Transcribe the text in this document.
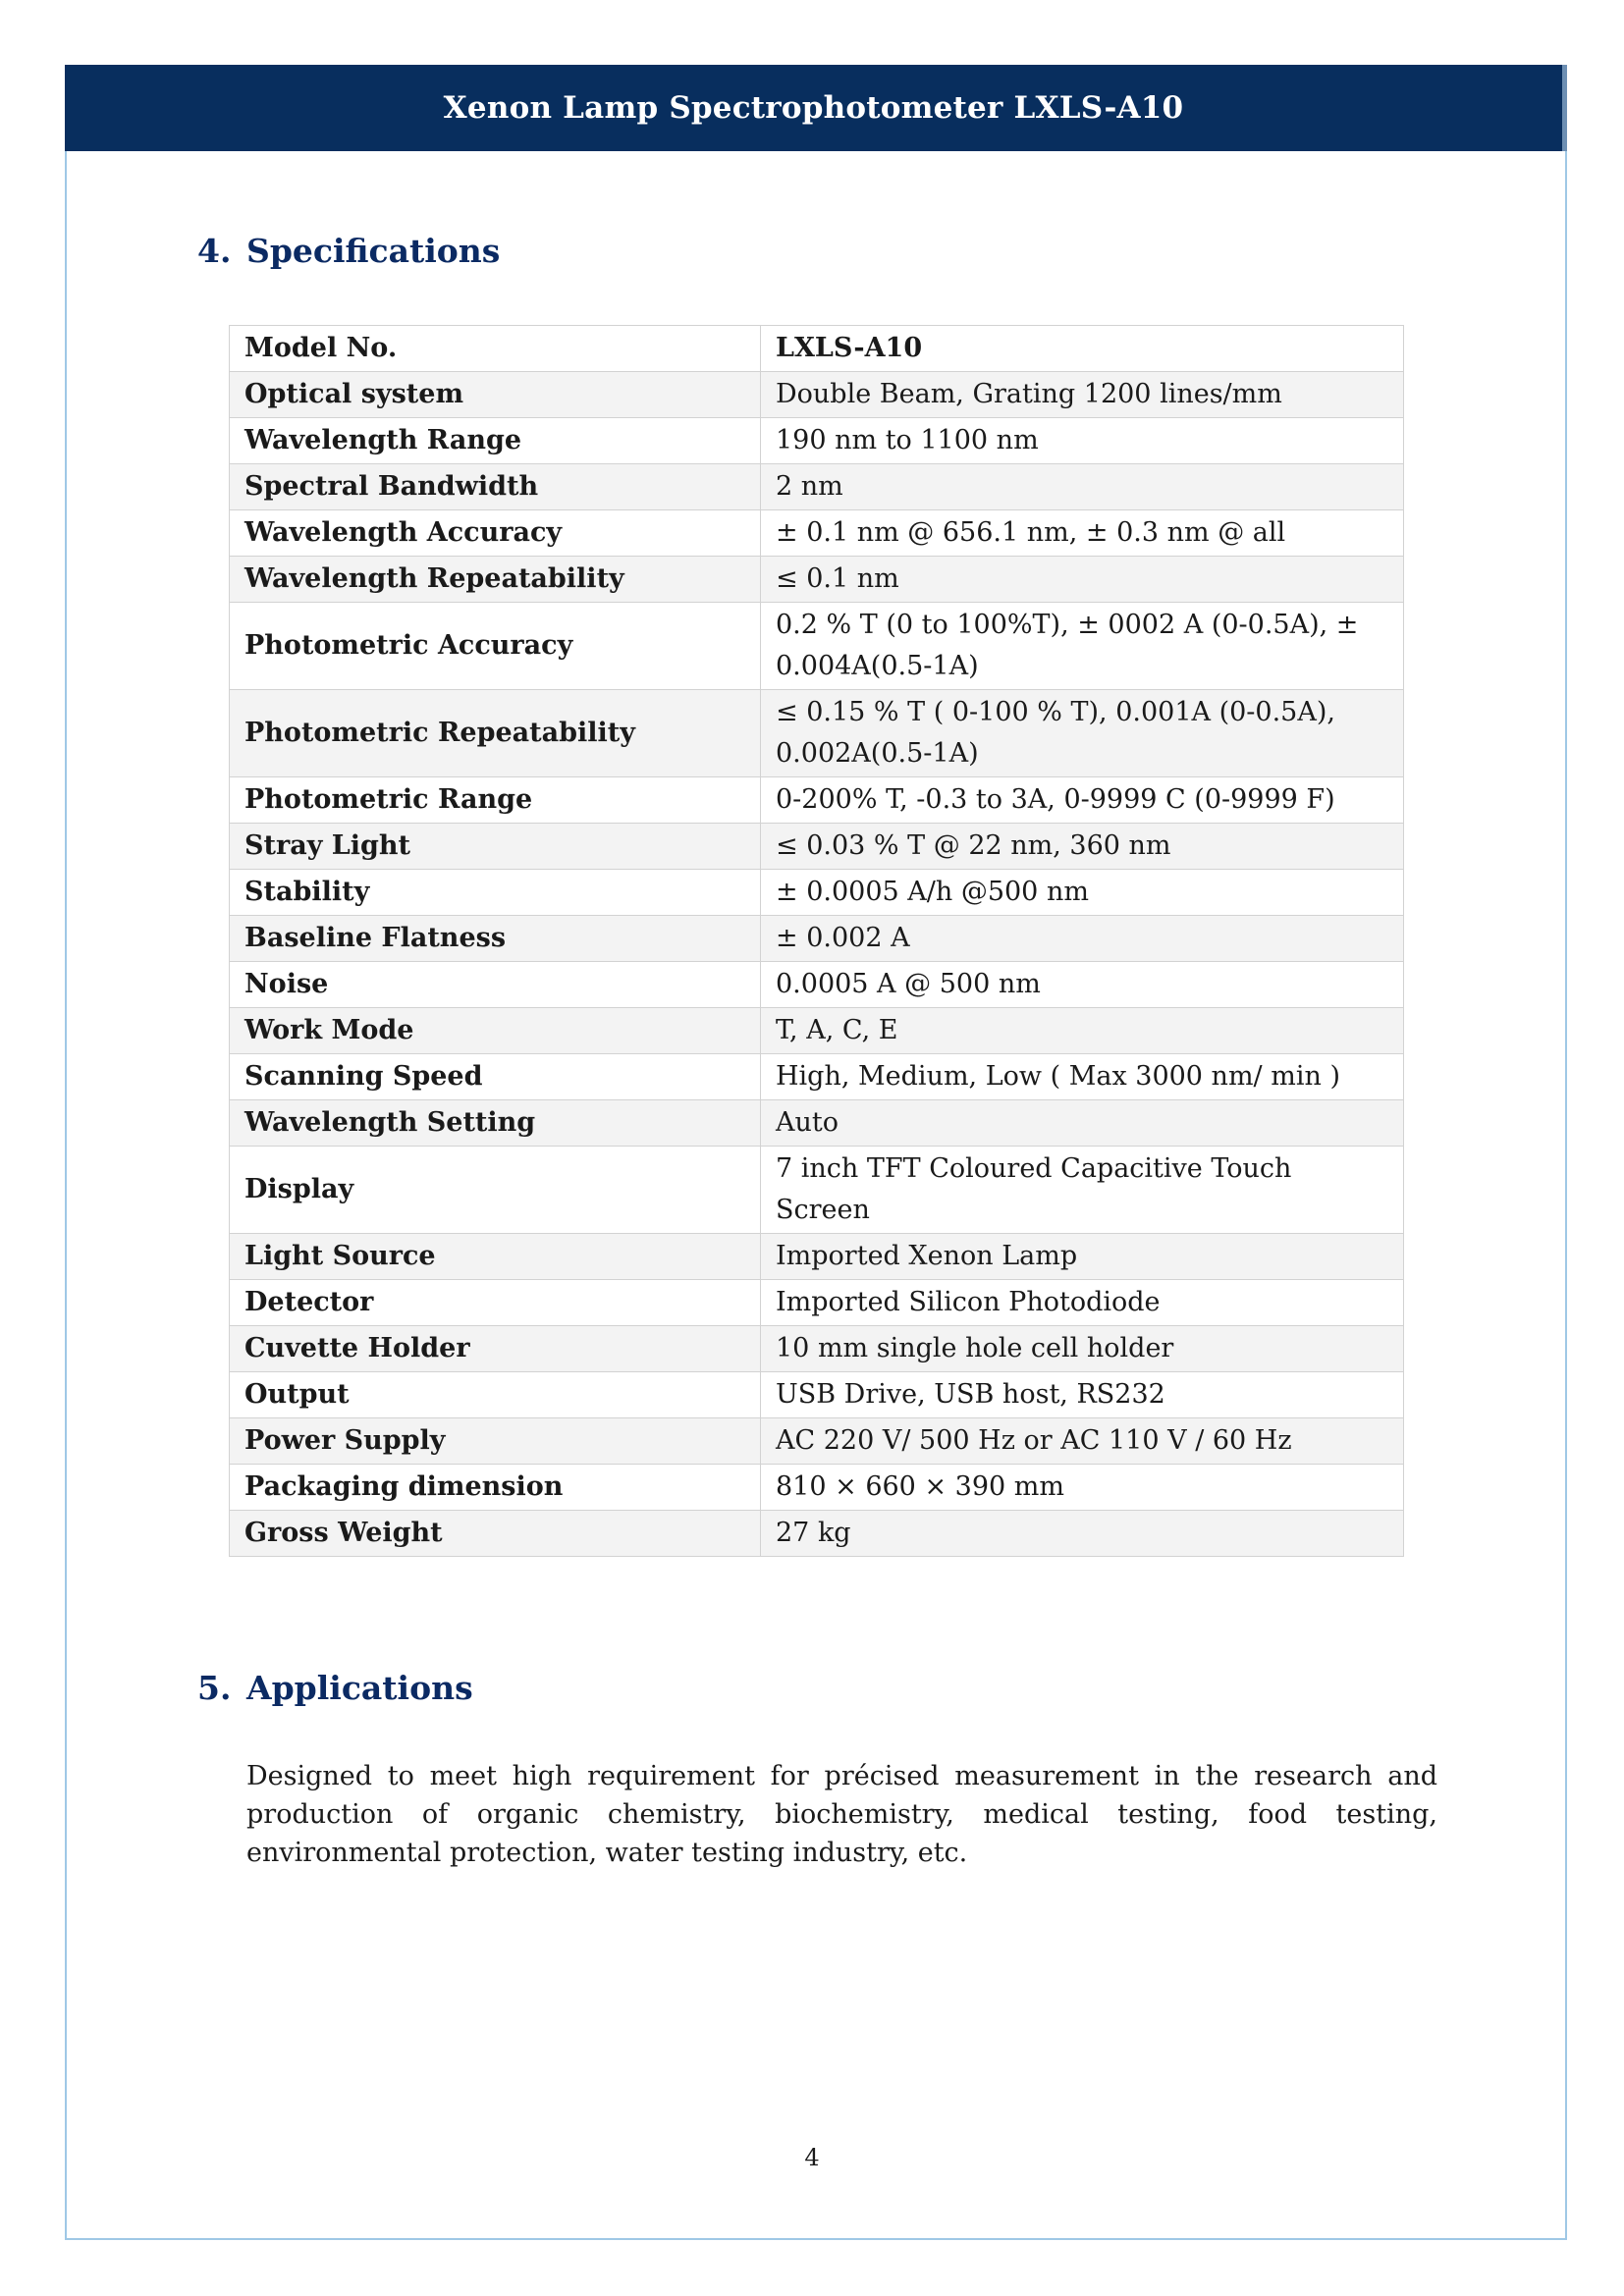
Xenon Lamp Spectrophotometer LXLS-A10
4. Specifications
Model No.	LXLS-A10
Optical system	Double Beam, Grating 1200 lines/mm
Wavelength Range	190 nm to 1100 nm
Spectral Bandwidth	2 nm
Wavelength Accuracy	± 0.1 nm @ 656.1 nm, ± 0.3 nm @ all
Wavelength Repeatability	≤ 0.1 nm
Photometric Accuracy	0.2 % T (0 to 100%T), ± 0002 A (0-0.5A), ± 0.004A(0.5-1A)
Photometric Repeatability	≤ 0.15 % T ( 0-100 % T), 0.001A (0-0.5A), 0.002A(0.5-1A)
Photometric Range	0-200% T, -0.3 to 3A, 0-9999 C (0-9999 F)
Stray Light	≤ 0.03 % T @ 22 nm, 360 nm
Stability	± 0.0005 A/h @500 nm
Baseline Flatness	± 0.002 A
Noise	0.0005 A @ 500 nm
Work Mode	T, A, C, E
Scanning Speed	High, Medium, Low ( Max 3000 nm/ min )
Wavelength Setting	Auto
Display	7 inch TFT Coloured Capacitive Touch Screen
Light Source	Imported Xenon Lamp
Detector	Imported Silicon Photodiode
Cuvette Holder	10 mm single hole cell holder
Output	USB Drive, USB host, RS232
Power Supply	AC 220 V/ 500 Hz or AC 110 V / 60 Hz
Packaging dimension	810 × 660 × 390 mm
Gross Weight	27 kg
5. Applications

Designed to meet high requirement for précised measurement in the research and production of organic chemistry, biochemistry, medical testing, food testing, environmental protection, water testing industry, etc.

4
